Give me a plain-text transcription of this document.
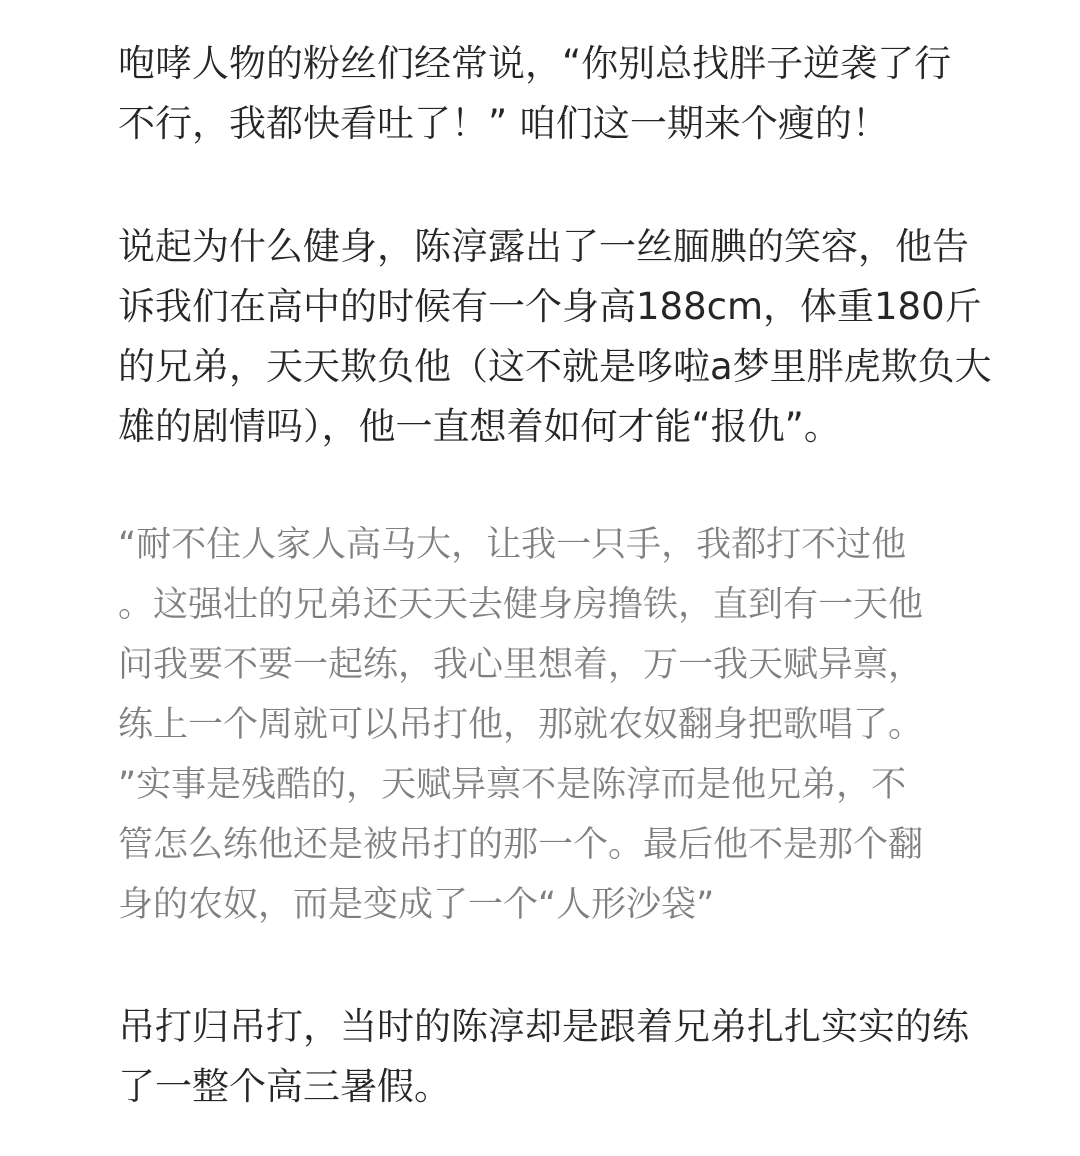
咆哮人物的粉丝们经常说，“你别总找胖子逆袭了行
不行，我都快看吐了！” 咱们这一期来个瘦的！
说起为什么健身，陈淳露出了一丝腼腆的笑容，他告
诉我们在高中的时候有一个身高188cm，体重180斤
的兄弟，天天欺负他（这不就是哆啦a梦里胖虎欺负大
雄的剧情吗），他一直想着如何才能“报仇”。
“耐不住人家人高马大，让我一只手，我都打不过他
。这强壮的兄弟还天天去健身房撸铁，直到有一天他
问我要不要一起练，我心里想着，万一我天赋异禀，
练上一个周就可以吊打他，那就农奴翻身把歌唱了。
”实事是残酷的，天赋异禀不是陈淳而是他兄弟，不
管怎么练他还是被吊打的那一个。最后他不是那个翻
身的农奴，而是变成了一个“人形沙袋”
吊打归吊打，当时的陈淳却是跟着兄弟扎扎实实的练
了一整个高三暑假。
